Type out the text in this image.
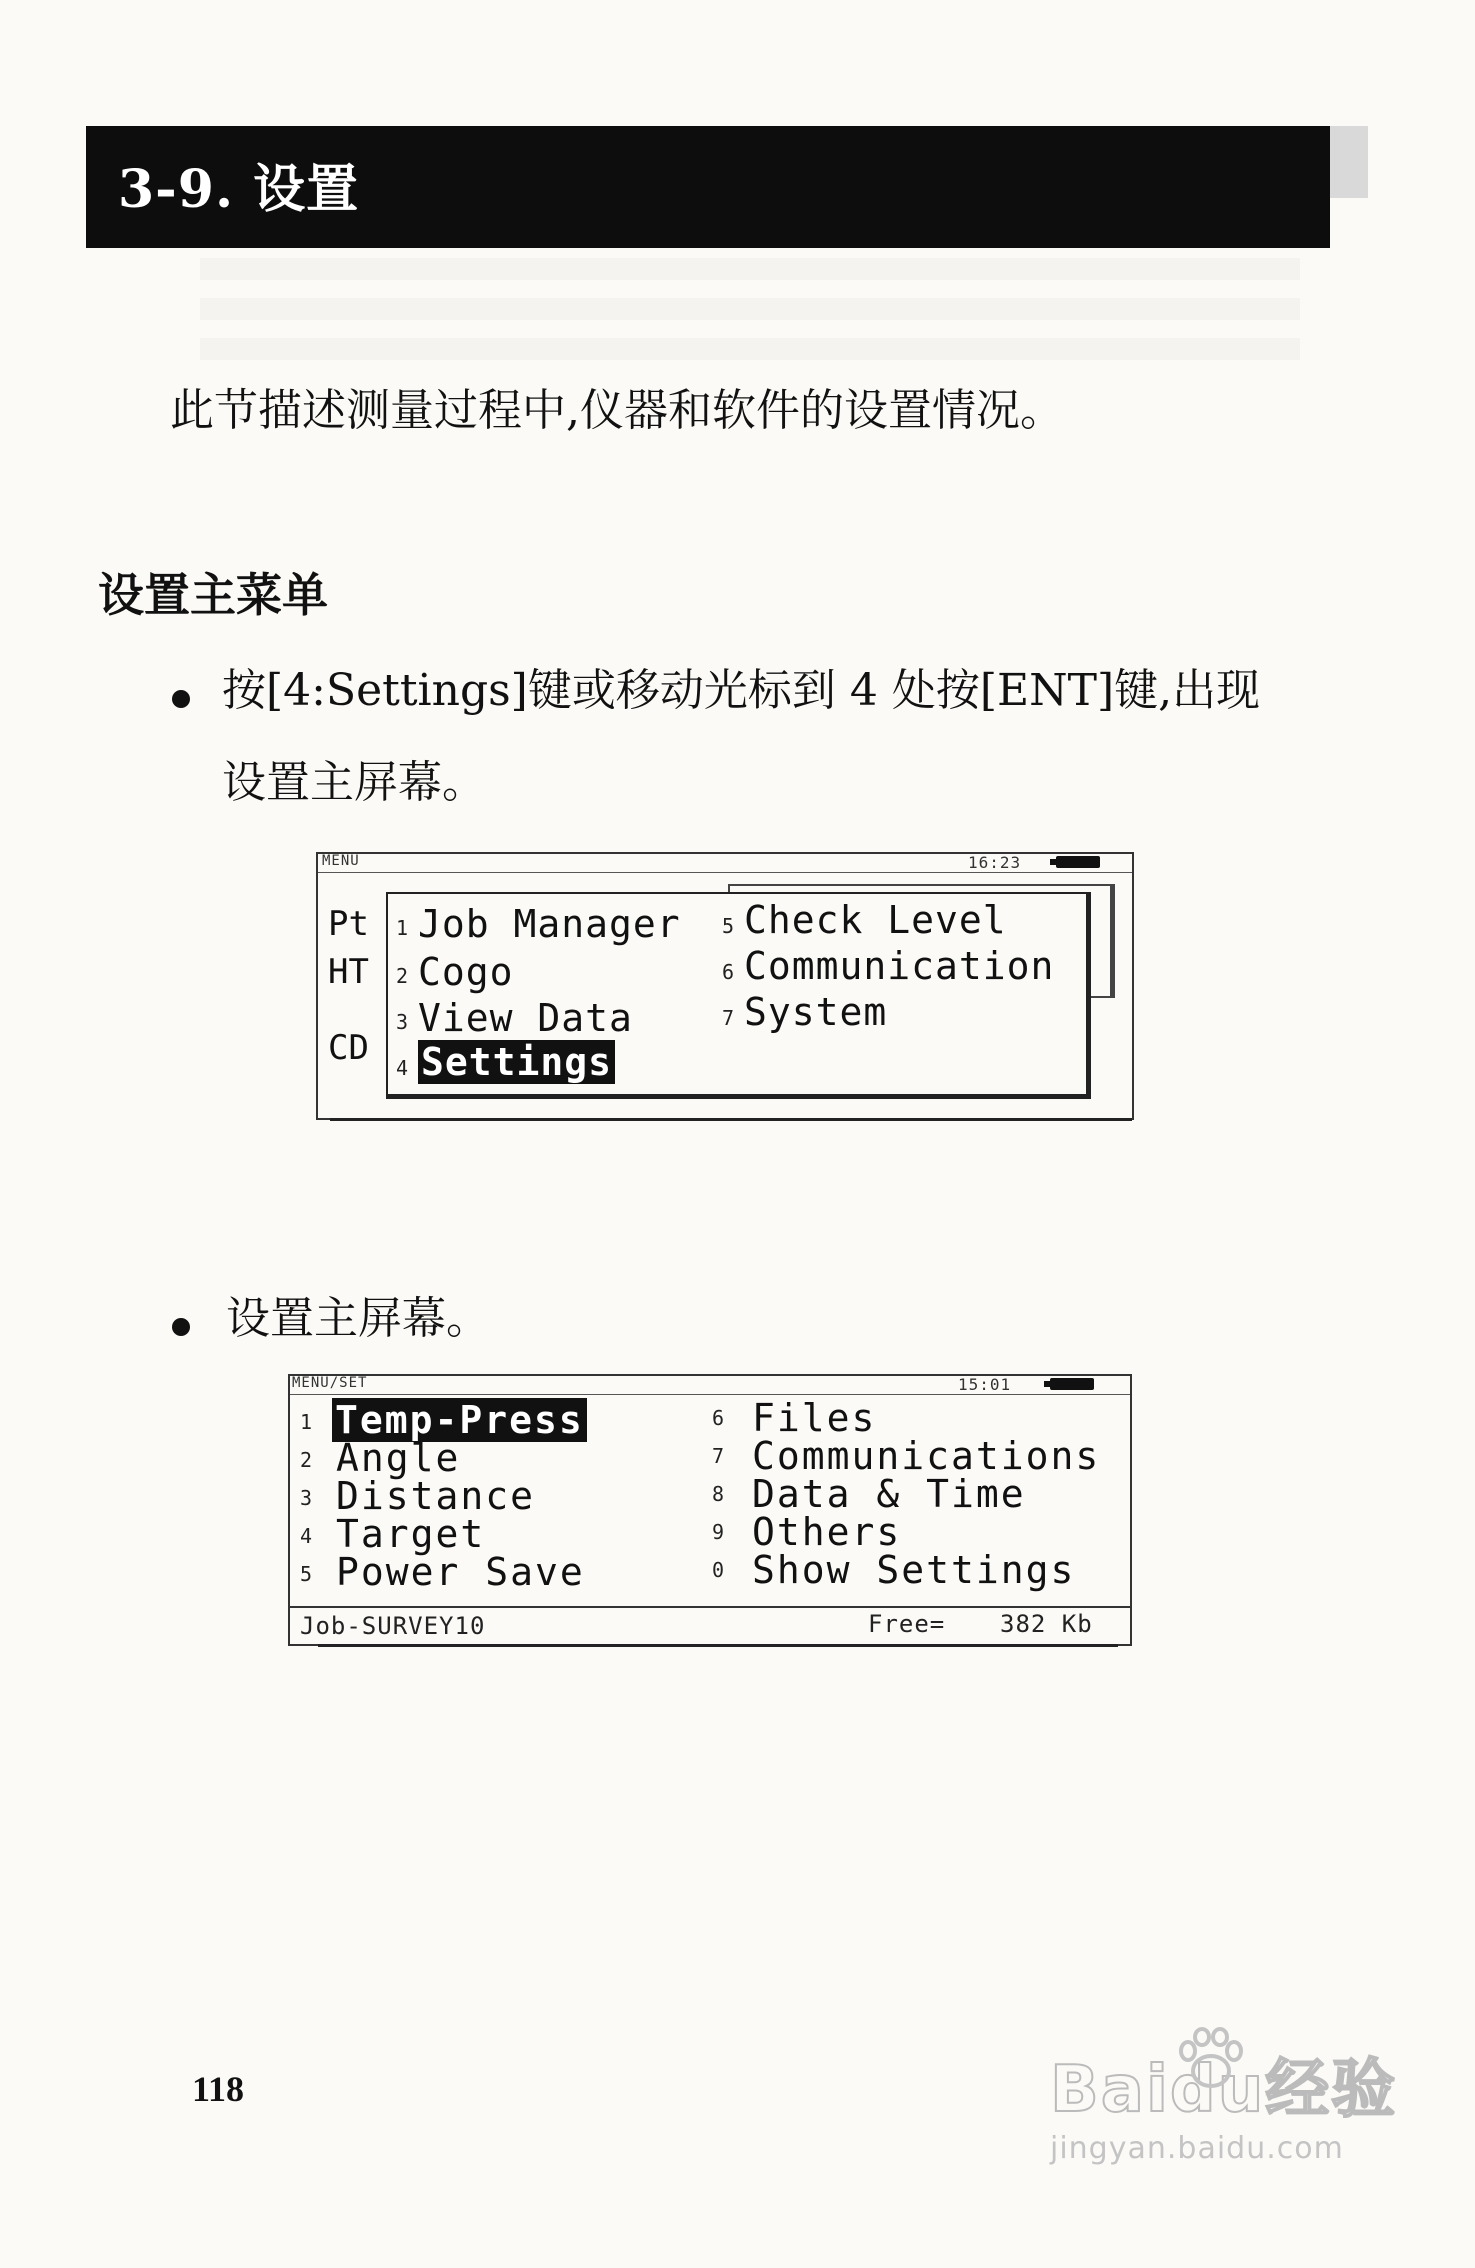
3-9. 设置
此节描述测量过程中,仪器和软件的设置情况。
设置主菜单
按[4:Settings]键或移动光标到 4 处按[ENT]键,出现
设置主屏幕。
MENU	16:23
Pt
HT
CD
1 Job Manager
2 Cogo
3 View Data
4 Settings
5 Check Level
6 Communication
7 System
设置主屏幕。
MENU/SET	15:01
1 Temp-Press
2 Angle
3 Distance
4 Target
5 Power Save
6 Files
7 Communications
8 Data & Time
9 Others
0 Show Settings
Job-SURVEY10	Free= 382 Kb
118	Baidu经验
jingyan.baidu.com
